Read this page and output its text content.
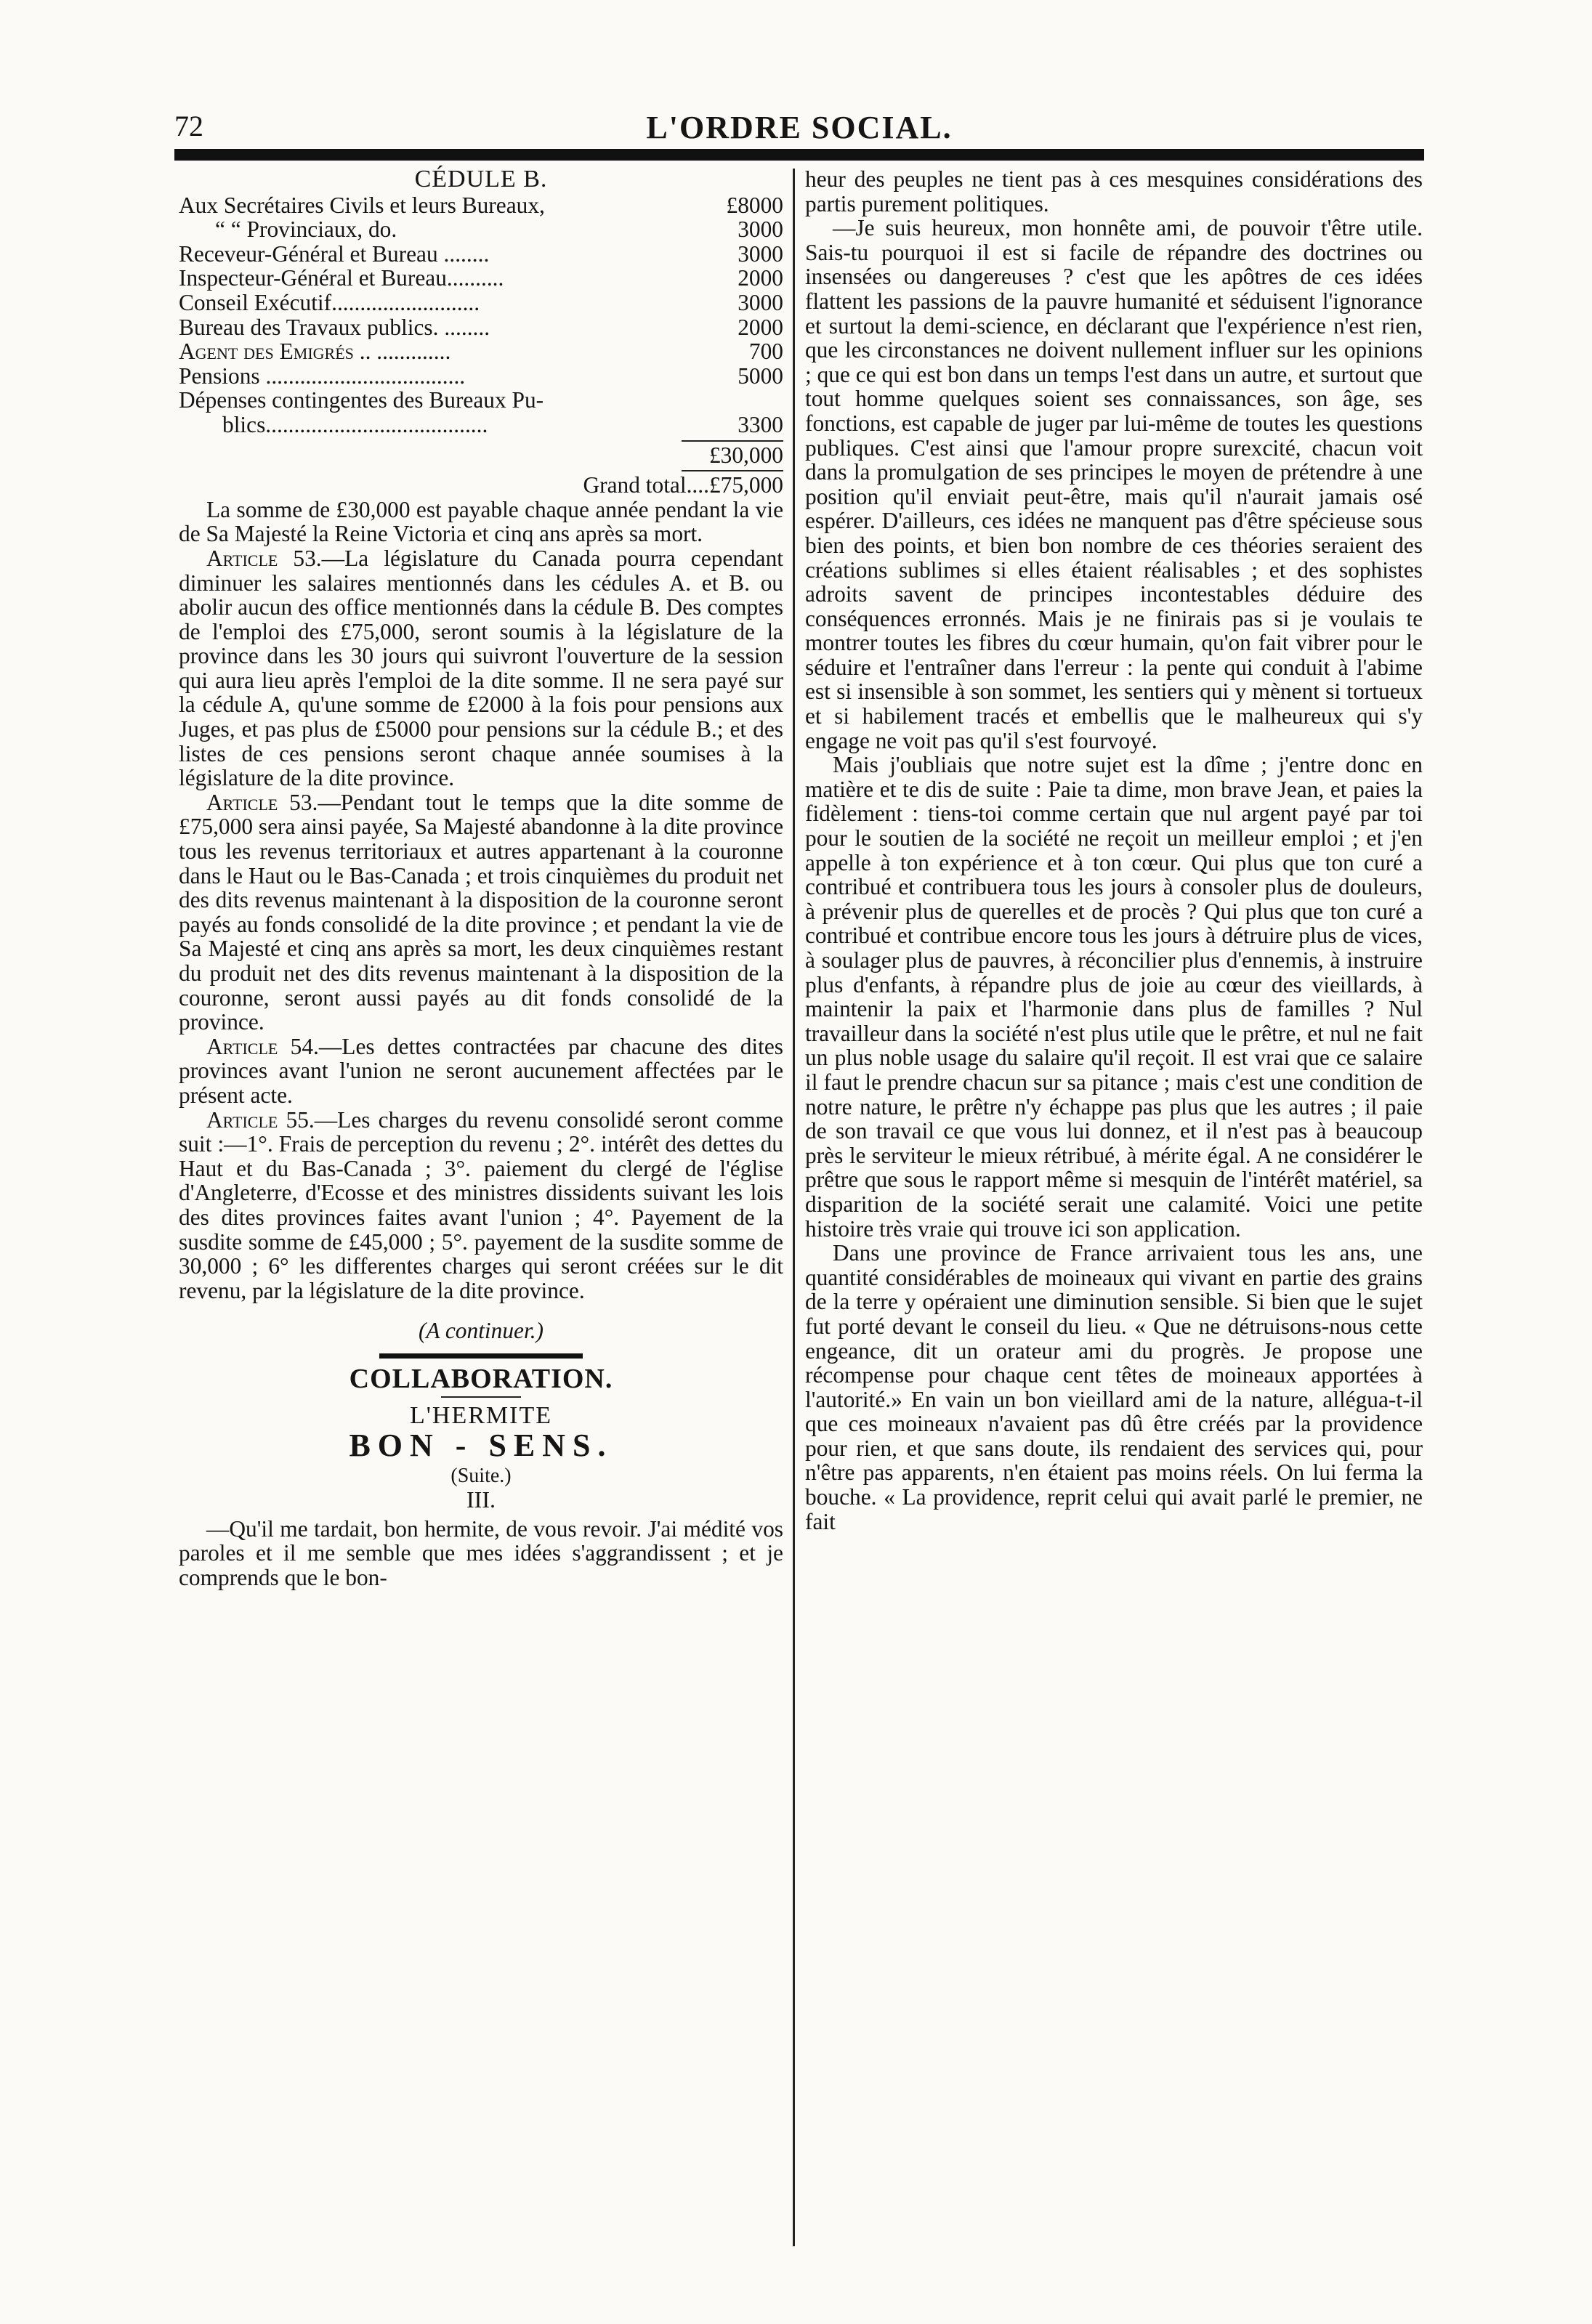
72	L'ORDRE SOCIAL.
CÉDULE B.
Aux Secrétaires Civils et leurs Bureaux,	£8000
“ “ Provinciaux, do.	3000
Receveur-Général et Bureau ........	3000
Inspecteur-Général et Bureau..........	2000
Conseil Exécutif..........................	3000
Bureau des Travaux publics. ........	2000
Agent des Emigrés .. .............	700
Pensions ...................................	5000
Dépenses contingentes des Bureaux Pu-
blics.......................................	3300
£30,000
Grand total....£75,000

La somme de £30,000 est payable chaque année pendant la vie de Sa Majesté la Reine Victoria et cinq ans après sa mort.

Article 53.—La législature du Canada pourra cependant diminuer les salaires mentionnés dans les cédules A. et B. ou abolir aucun des office mentionnés dans la cédule B. Des comptes de l'emploi des £75,000, seront soumis à la législature de la province dans les 30 jours qui suivront l'ouverture de la session qui aura lieu après l'emploi de la dite somme. Il ne sera payé sur la cédule A, qu'une somme de £2000 à la fois pour pensions aux Juges, et pas plus de £5000 pour pensions sur la cédule B.; et des listes de ces pensions seront chaque année soumises à la législature de la dite province.

Article 53.—Pendant tout le temps que la dite somme de £75,000 sera ainsi payée, Sa Majesté abandonne à la dite province tous les revenus territoriaux et autres appartenant à la couronne dans le Haut ou le Bas-Canada ; et trois cinquièmes du produit net des dits revenus maintenant à la disposition de la couronne seront payés au fonds consolidé de la dite province ; et pendant la vie de Sa Majesté et cinq ans après sa mort, les deux cinquièmes restant du produit net des dits revenus maintenant à la disposition de la couronne, seront aussi payés au dit fonds consolidé de la province.

Article 54.—Les dettes contractées par chacune des dites provinces avant l'union ne seront aucunement affectées par le présent acte.

Article 55.—Les charges du revenu consolidé seront comme suit :—1°. Frais de perception du revenu ; 2°. intérêt des dettes du Haut et du Bas-Canada ; 3°. paiement du clergé de l'église d'Angleterre, d'Ecosse et des ministres dissidents suivant les lois des dites provinces faites avant l'union ; 4°. Payement de la susdite somme de £45,000 ; 5°. payement de la susdite somme de 30,000 ; 6° les differentes charges qui seront créées sur le dit revenu, par la législature de la dite province.

(A continuer.)
COLLABORATION.
L'HERMITE
BON - SENS.
(Suite.)
III.

—Qu'il me tardait, bon hermite, de vous revoir. J'ai médité vos paroles et il me semble que mes idées s'aggrandissent ; et je comprends que le bon-

heur des peuples ne tient pas à ces mesquines considérations des partis purement politiques.

—Je suis heureux, mon honnête ami, de pouvoir t'être utile. Sais-tu pourquoi il est si facile de répandre des doctrines ou insensées ou dangereuses ? c'est que les apôtres de ces idées flattent les passions de la pauvre humanité et séduisent l'ignorance et surtout la demi-science, en déclarant que l'expérience n'est rien, que les circonstances ne doivent nullement influer sur les opinions ; que ce qui est bon dans un temps l'est dans un autre, et surtout que tout homme quelques soient ses connaissances, son âge, ses fonctions, est capable de juger par lui-même de toutes les questions publiques. C'est ainsi que l'amour propre surexcité, chacun voit dans la promulgation de ses principes le moyen de prétendre à une position qu'il enviait peut-être, mais qu'il n'aurait jamais osé espérer. D'ailleurs, ces idées ne manquent pas d'être spécieuse sous bien des points, et bien bon nombre de ces théories seraient des créations sublimes si elles étaient réalisables ; et des sophistes adroits savent de principes incontestables déduire des conséquences erronnés. Mais je ne finirais pas si je voulais te montrer toutes les fibres du cœur humain, qu'on fait vibrer pour le séduire et l'entraîner dans l'erreur : la pente qui conduit à l'abime est si insensible à son sommet, les sentiers qui y mènent si tortueux et si habilement tracés et embellis que le malheureux qui s'y engage ne voit pas qu'il s'est fourvoyé.

Mais j'oubliais que notre sujet est la dîme ; j'entre donc en matière et te dis de suite : Paie ta dime, mon brave Jean, et paies la fidèlement : tiens-toi comme certain que nul argent payé par toi pour le soutien de la société ne reçoit un meilleur emploi ; et j'en appelle à ton expérience et à ton cœur. Qui plus que ton curé a contribué et contribuera tous les jours à consoler plus de douleurs, à prévenir plus de querelles et de procès ? Qui plus que ton curé a contribué et contribue encore tous les jours à détruire plus de vices, à soulager plus de pauvres, à réconcilier plus d'ennemis, à instruire plus d'enfants, à répandre plus de joie au cœur des vieillards, à maintenir la paix et l'harmonie dans plus de familles ? Nul travailleur dans la société n'est plus utile que le prêtre, et nul ne fait un plus noble usage du salaire qu'il reçoit. Il est vrai que ce salaire il faut le prendre chacun sur sa pitance ; mais c'est une condition de notre nature, le prêtre n'y échappe pas plus que les autres ; il paie de son travail ce que vous lui donnez, et il n'est pas à beaucoup près le serviteur le mieux rétribué, à mérite égal. A ne considérer le prêtre que sous le rapport même si mesquin de l'intérêt matériel, sa disparition de la société serait une calamité. Voici une petite histoire très vraie qui trouve ici son application.

Dans une province de France arrivaient tous les ans, une quantité considérables de moineaux qui vivant en partie des grains de la terre y opéraient une diminution sensible. Si bien que le sujet fut porté devant le conseil du lieu. « Que ne détruisons-nous cette engeance, dit un orateur ami du progrès. Je propose une récompense pour chaque cent têtes de moineaux apportées à l'autorité.» En vain un bon vieillard ami de la nature, allégua-t-il que ces moineaux n'avaient pas dû être créés par la providence pour rien, et que sans doute, ils rendaient des services qui, pour n'être pas apparents, n'en étaient pas moins réels. On lui ferma la bouche. « La providence, reprit celui qui avait parlé le premier, ne fait
